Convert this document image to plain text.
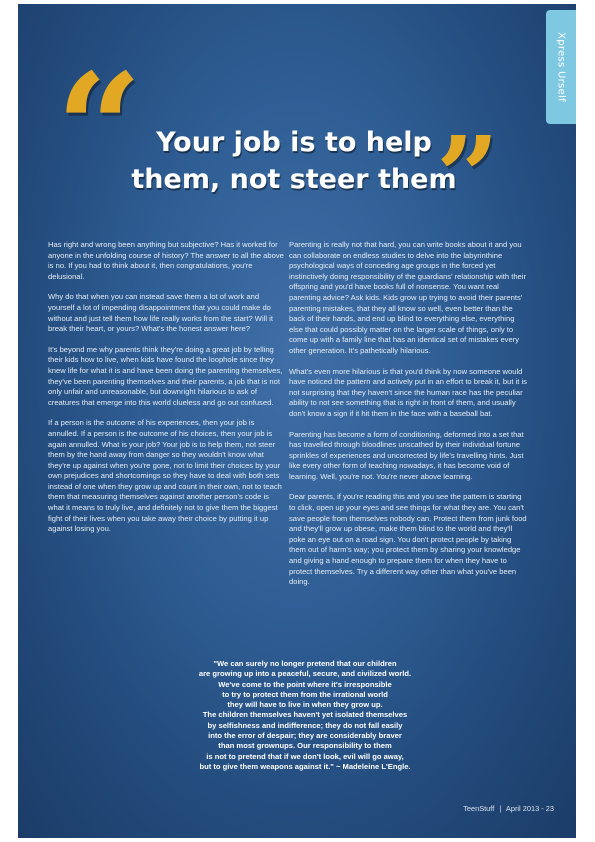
Xpress Urself
“ Your job is to help
them, not steer them
”

Has right and wrong been anything but subjective? Has it worked for anyone in the unfolding course of history? The answer to all the above is no. If you had to think about it, then congratulations, you're delusional.

Why do that when you can instead save them a lot of work and yourself a lot of impending disappointment that you could make do without and just tell them how life really works from the start? Will it break their heart, or yours? What's the honest answer here?

It's beyond me why parents think they're doing a great job by telling their kids how to live, when kids have found the loophole since they knew life for what it is and have been doing the parenting themselves, they've been parenting themselves and their parents, a job that is not only unfair and unreasonable, but downright hilarious to ask of creatures that emerge into this world clueless and go out confused.

If a person is the outcome of his experiences, then your job is annulled. If a person is the outcome of his choices, then your job is again annulled. What is your job? Your job is to help them, not steer them by the hand away from danger so they wouldn't know what they're up against when you're gone, not to limit their choices by your own prejudices and shortcomings so they have to deal with both sets instead of one when they grow up and count in their own, not to teach them that measuring themselves against another person's code is what it means to truly live, and definitely not to give them the biggest fight of their lives when you take away their choice by putting it up against losing you.

Parenting is really not that hard, you can write books about it and you can collaborate on endless studies to delve into the labyrinthine psychological ways of conceding age groups in the forced yet instinctively doing responsibility of the guardians' relationship with their offspring and you'd have books full of nonsense. You want real parenting advice? Ask kids. Kids grow up trying to avoid their parents' parenting mistakes, that they all know so well, even better than the back of their hands, and end up blind to everything else, everything else that could possibly matter on the larger scale of things, only to come up with a family line that has an identical set of mistakes every other generation. It's pathetically hilarious.

What's even more hilarious is that you'd think by now someone would have noticed the pattern and actively put in an effort to break it, but it is not surprising that they haven't since the human race has the peculiar ability to not see something that is right in front of them, and usually don't know a sign if it hit them in the face with a baseball bat.

Parenting has become a form of conditioning, deformed into a set that has travelled through bloodlines unscathed by their individual fortune sprinkles of experiences and uncorrected by life's travelling hints. Just like every other form of teaching nowadays, it has become void of learning. Well, you're not. You're never above learning.

Dear parents, if you're reading this and you see the pattern is starting to click, open up your eyes and see things for what they are. You can't save people from themselves nobody can. Protect them from junk food and they'll grow up obese, make them blind to the world and they'll poke an eye out on a road sign. You don't protect people by taking them out of harm's way; you protect them by sharing your knowledge and giving a hand enough to prepare them for when they have to protect themselves. Try a different way other than what you've been doing.

"We can surely no longer pretend that our children
are growing up into a peaceful, secure, and civilized world.
We've come to the point where it's irresponsible
to try to protect them from the irrational world
they will have to live in when they grow up.
The children themselves haven't yet isolated themselves
by selfishness and indifference; they do not fall easily
into the error of despair; they are considerably braver
than most grownups. Our responsibility to them
is not to pretend that if we don't look, evil will go away,
but to give them weapons against it." ~ Madeleine L'Engle.
TeenStuff | April 2013 - 23
